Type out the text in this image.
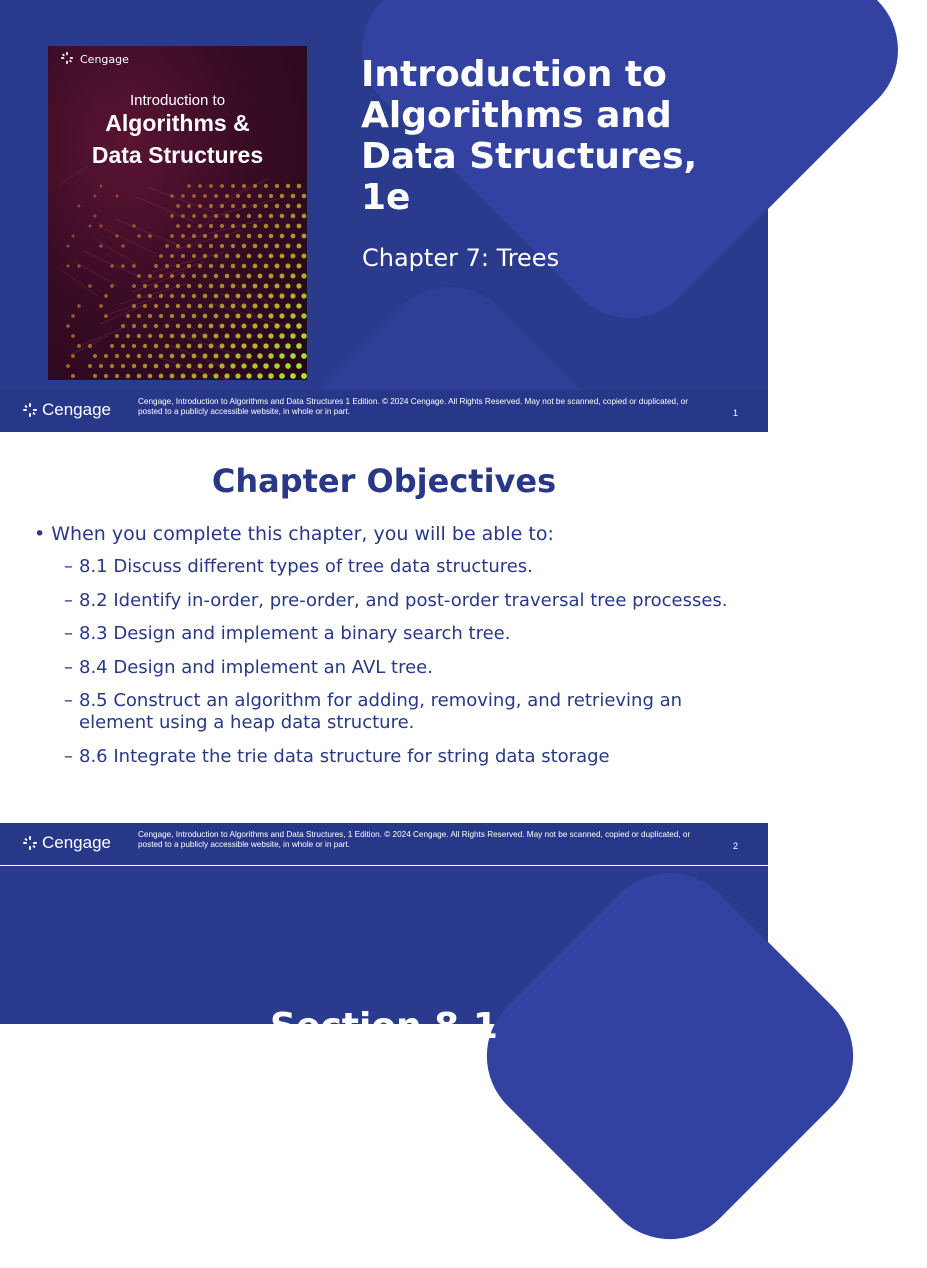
Cengage
Introduction to
Algorithms &
Data Structures
Introduction to
Algorithms and
Data Structures,
1e
Chapter 7: Trees
Cengage	Cengage, Introduction to Algorithms and Data Structures 1 Edition. © 2024 Cengage. All Rights Reserved. May not be scanned, copied or duplicated, or posted to a publicly accessible website, in whole or in part.	1
Chapter Objectives
• When you complete this chapter, you will be able to:
– 8.1 Discuss different types of tree data structures.
– 8.2 Identify in-order, pre-order, and post-order traversal tree processes.
– 8.3 Design and implement a binary search tree.
– 8.4 Design and implement an AVL tree.
– 8.5 Construct an algorithm for adding, removing, and retrieving an element using a heap data structure.
– 8.6 Integrate the trie data structure for string data storage
Cengage	Cengage, Introduction to Algorithms and Data Structures, 1 Edition. © 2024 Cengage. All Rights Reserved. May not be scanned, copied or duplicated, or posted to a publicly accessible website, in whole or in part.	2
Section 8.1
